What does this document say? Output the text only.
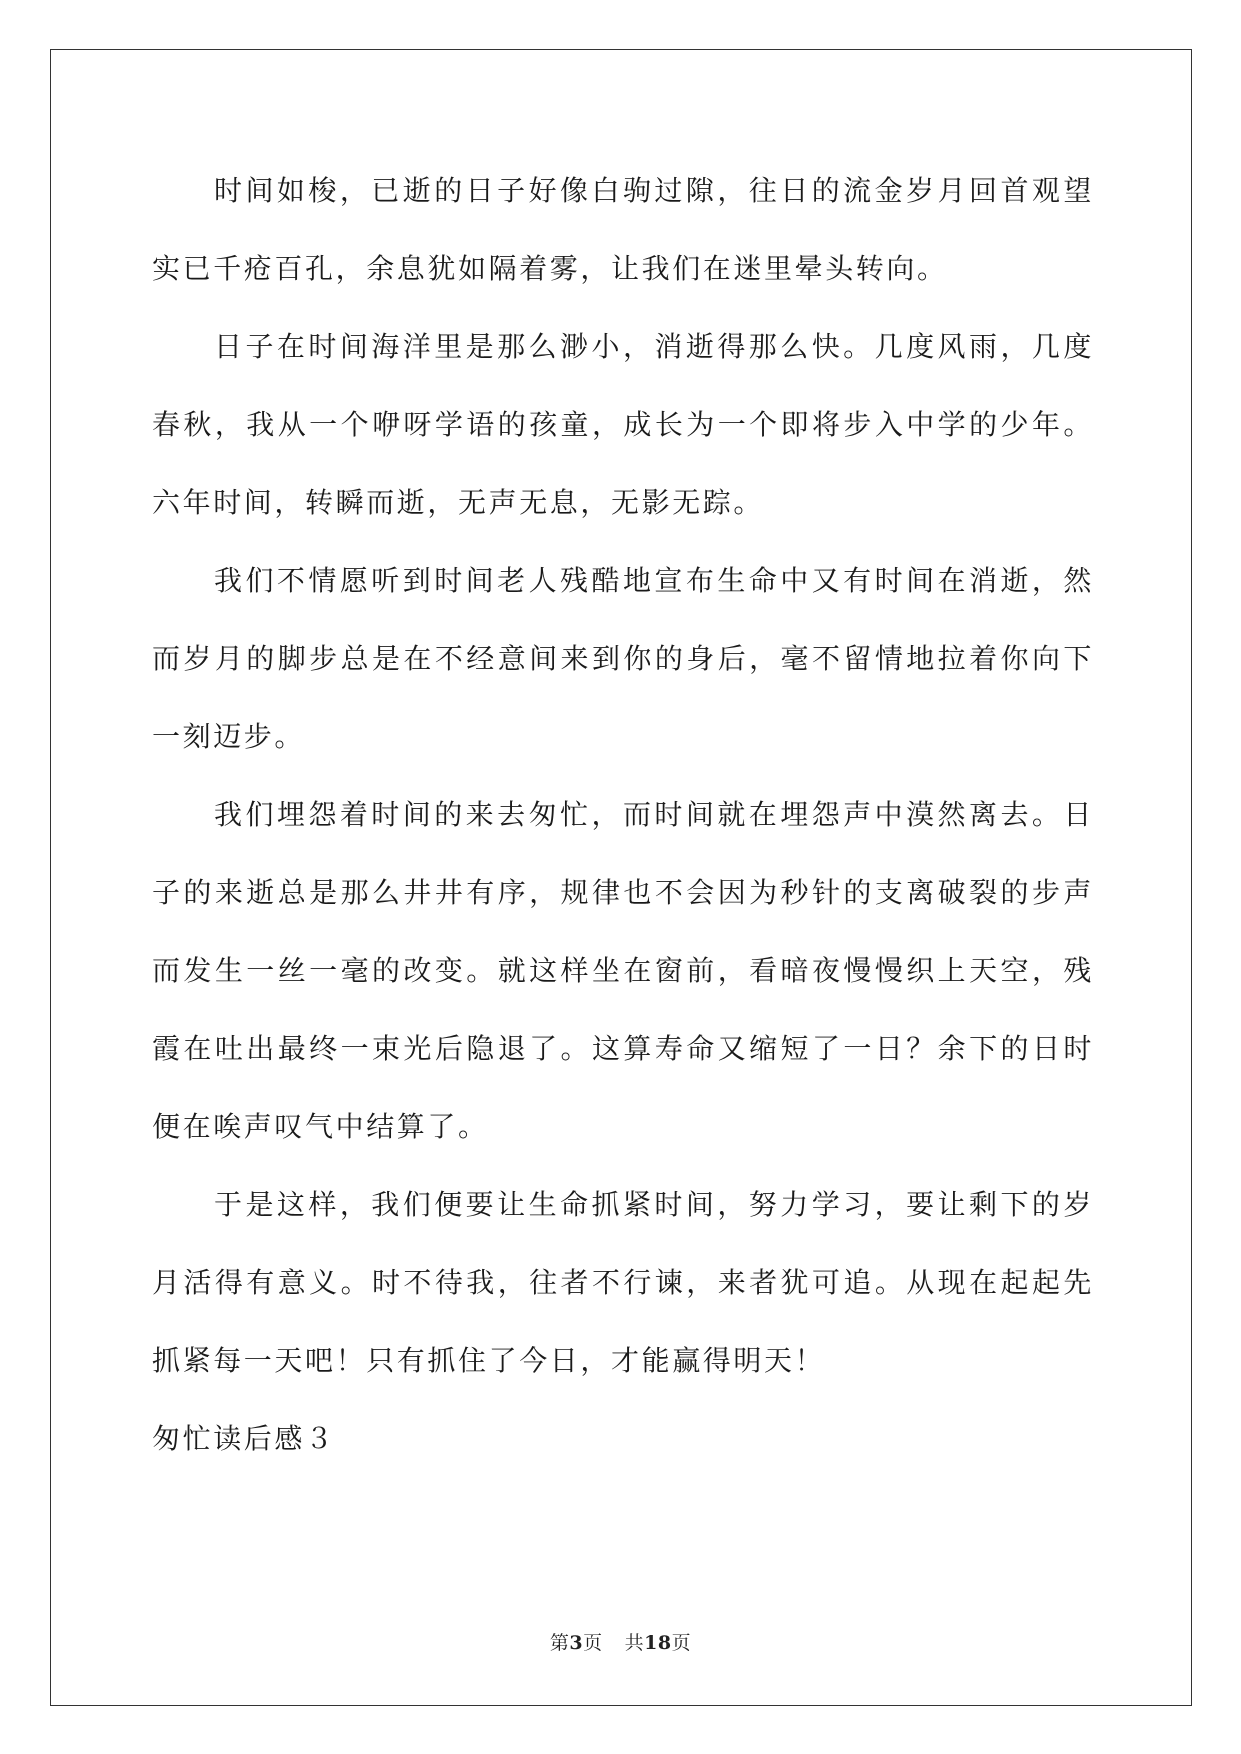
时间如梭，已逝的日子好像白驹过隙，往日的流金岁月回首观望实已千疮百孔，余息犹如隔着雾，让我们在迷里晕头转向。

日子在时间海洋里是那么渺小，消逝得那么快。几度风雨，几度春秋，我从一个咿呀学语的孩童，成长为一个即将步入中学的少年。六年时间，转瞬而逝，无声无息，无影无踪。

我们不情愿听到时间老人残酷地宣布生命中又有时间在消逝，然而岁月的脚步总是在不经意间来到你的身后，毫不留情地拉着你向下一刻迈步。

我们埋怨着时间的来去匆忙，而时间就在埋怨声中漠然离去。日子的来逝总是那么井井有序，规律也不会因为秒针的支离破裂的步声而发生一丝一毫的改变。就这样坐在窗前，看暗夜慢慢织上天空，残霞在吐出最终一束光后隐退了。这算寿命又缩短了一日？余下的日时便在唉声叹气中结算了。

于是这样，我们便要让生命抓紧时间，努力学习，要让剩下的岁月活得有意义。时不待我，往者不行谏，来者犹可追。从现在起起先抓紧每一天吧！只有抓住了今日，才能赢得明天！

匆忙读后感３

第3页 共18页
